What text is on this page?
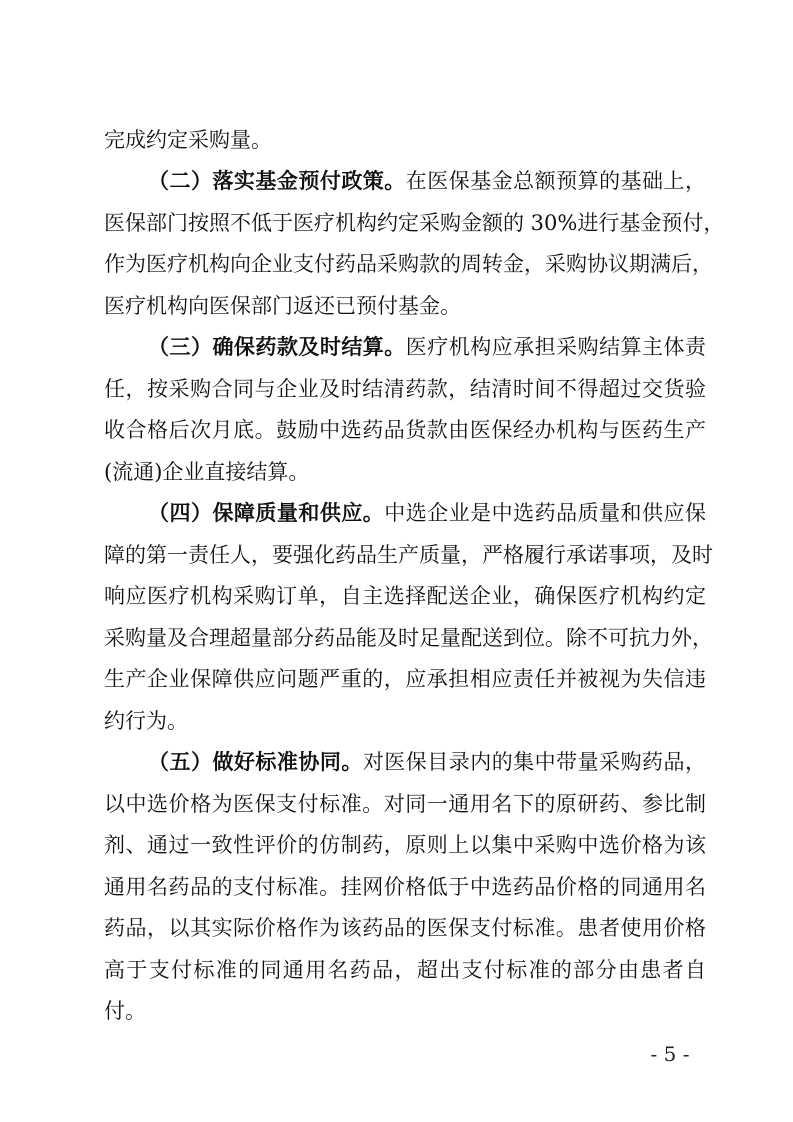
完成约定采购量。
（二）落实基金预付政策。在医保基金总额预算的基础上，
医保部门按照不低于医疗机构约定采购金额的 30%进行基金预付，
作为医疗机构向企业支付药品采购款的周转金，采购协议期满后，
医疗机构向医保部门返还已预付基金。
（三）确保药款及时结算。医疗机构应承担采购结算主体责
任，按采购合同与企业及时结清药款，结清时间不得超过交货验
收合格后次月底。鼓励中选药品货款由医保经办机构与医药生产
(流通)企业直接结算。
（四）保障质量和供应。中选企业是中选药品质量和供应保
障的第一责任人，要强化药品生产质量，严格履行承诺事项，及时
响应医疗机构采购订单，自主选择配送企业，确保医疗机构约定
采购量及合理超量部分药品能及时足量配送到位。除不可抗力外，
生产企业保障供应问题严重的，应承担相应责任并被视为失信违
约行为。
（五）做好标准协同。对医保目录内的集中带量采购药品，
以中选价格为医保支付标准。对同一通用名下的原研药、参比制
剂、通过一致性评价的仿制药，原则上以集中采购中选价格为该
通用名药品的支付标准。挂网价格低于中选药品价格的同通用名
药品，以其实际价格作为该药品的医保支付标准。患者使用价格
高于支付标准的同通用名药品，超出支付标准的部分由患者自
付。
- 5 -
